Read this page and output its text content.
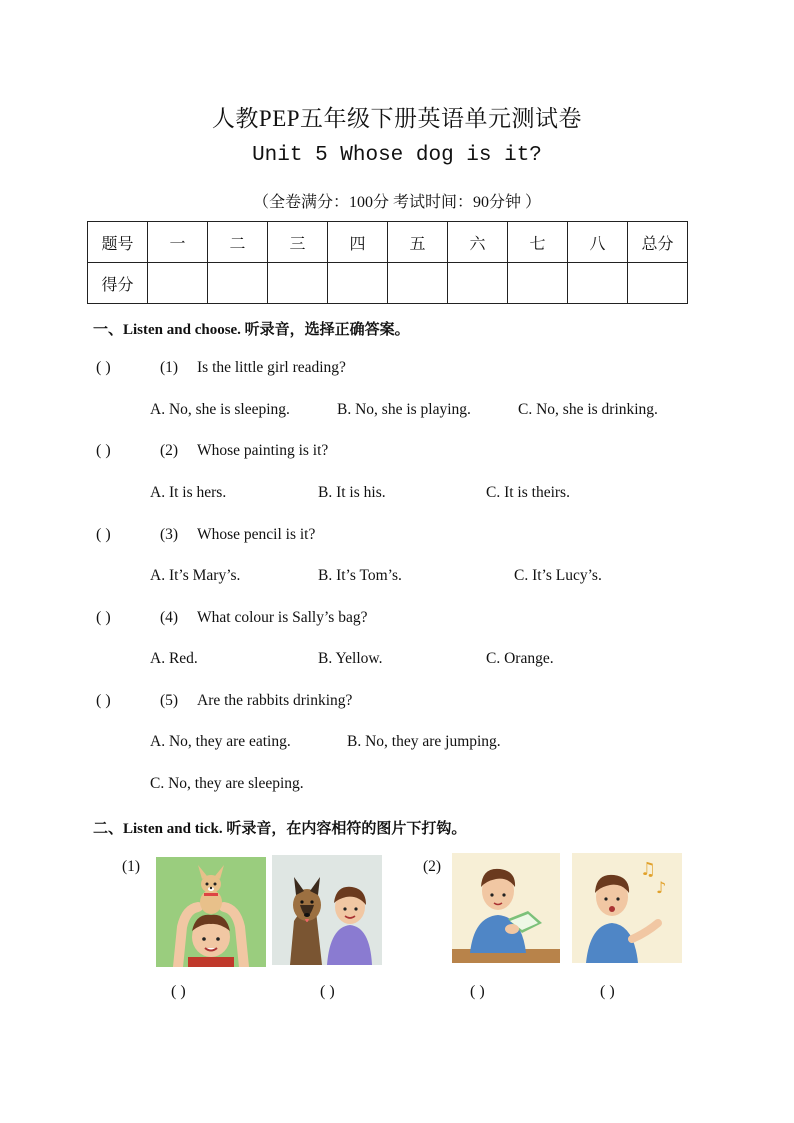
人教PEP五年级下册英语单元测试卷
Unit 5 Whose dog is it?
（全卷满分：100分 考试时间：90分钟 ）
题号	一	二	三	四	五	六	七	八	总分
得分									
一、Listen and choose. 听录音，选择正确答案。
( )	(1) Is the little girl reading?
A. No, she is sleeping.	B. No, she is playing.	C. No, she is drinking.
( )	(2) Whose painting is it?
A. It is hers.	B. It is his.	C. It is theirs.
( )	(3) Whose pencil is it?
A. It’s Mary’s.	B. It’s Tom’s.	C. It’s Lucy’s.
( )	(4) What colour is Sally’s bag?
A. Red.	B. Yellow.	C. Orange.
( )	(5) Are the rabbits drinking?
A. No, they are eating.	B. No, they are jumping.
C. No, they are sleeping.
二、Listen and tick. 听录音，在内容相符的图片下打钩。
(1)	(2)	♫
♪
( )	( )	( )	( )
